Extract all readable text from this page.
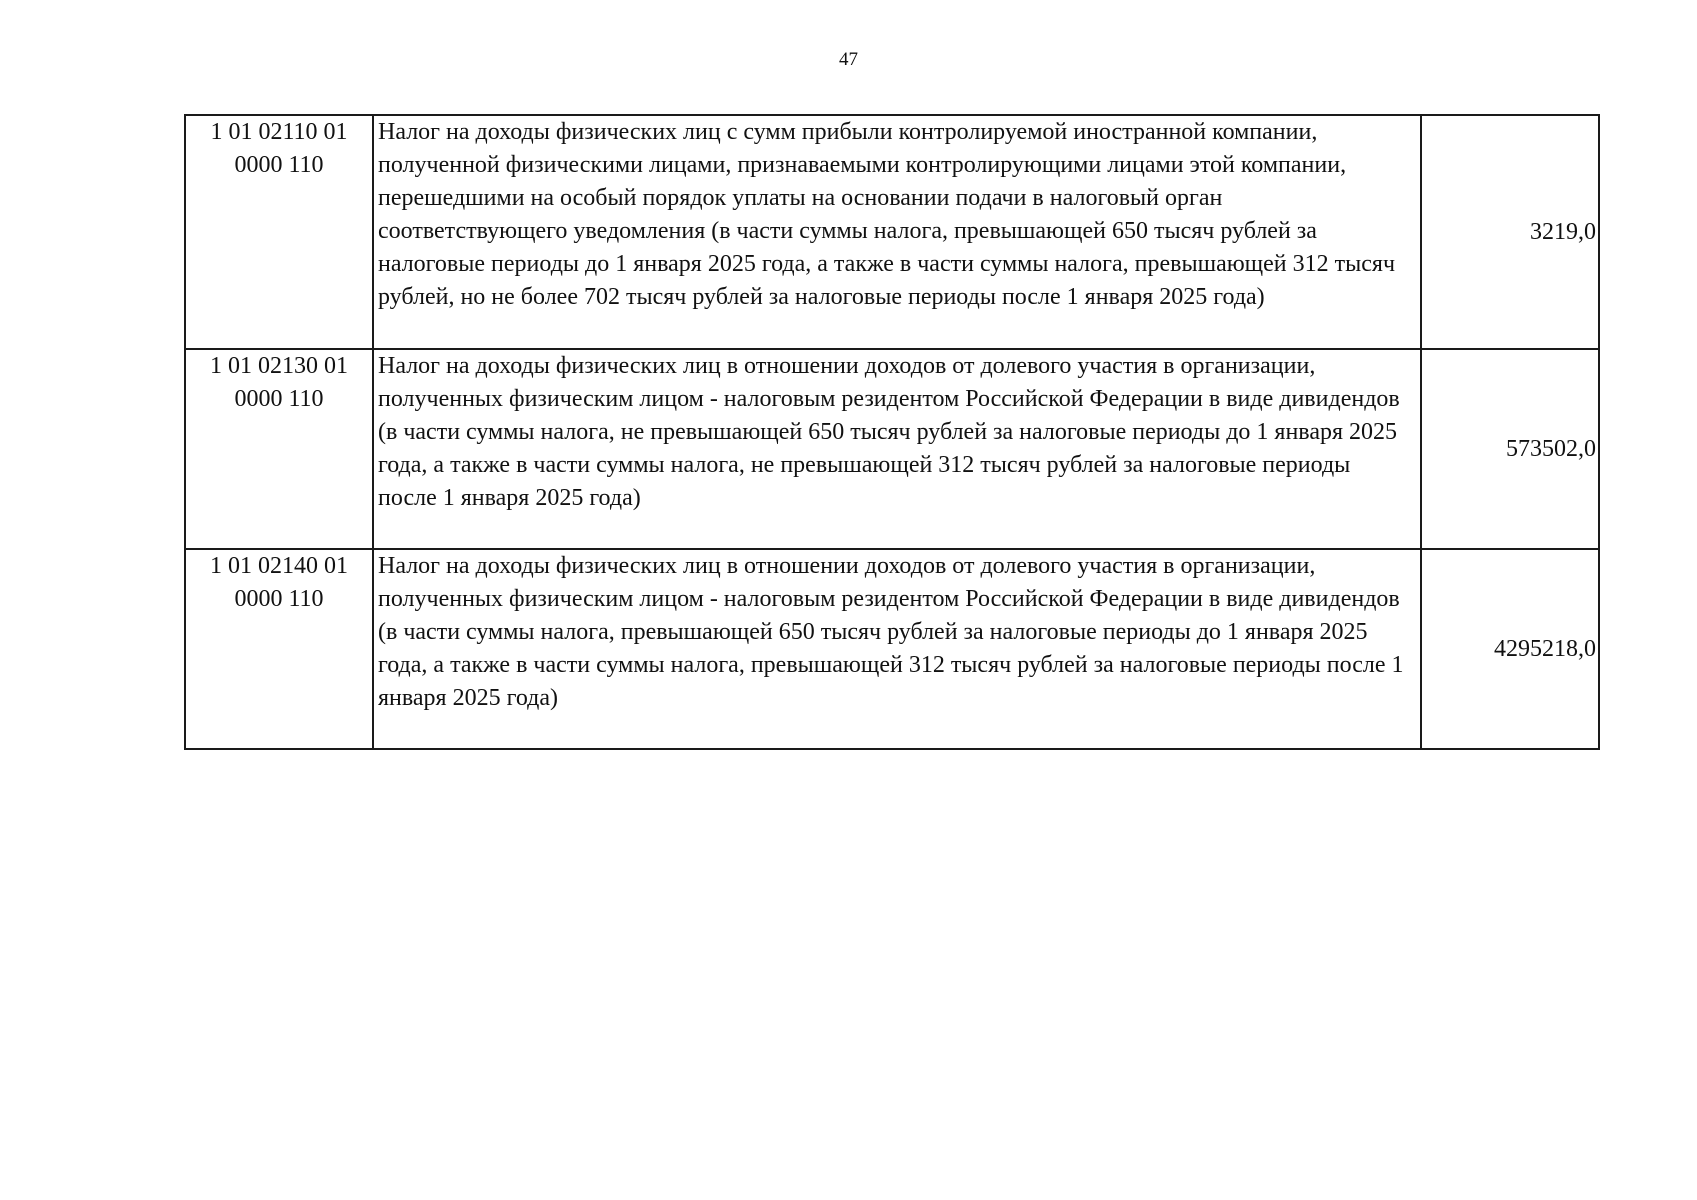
47
1 01 02110 01
0000 110	Налог на доходы физических лиц с сумм прибыли контролируемой иностранной компании, полученной физическими лицами, признаваемыми контролирующими лицами этой компании, перешедшими на особый порядок уплаты на основании подачи в налоговый орган соответствующего уведомления (в части суммы налога, превышающей 650 тысяч рублей за налоговые периоды до 1 января 2025 года, а также в части суммы налога, превышающей 312 тысяч рублей, но не более 702 тысяч рублей за налоговые периоды после 1 января 2025 года)	3219,0

1 01 02130 01
0000 110	Налог на доходы физических лиц в отношении доходов от долевого участия в организации, полученных физическим лицом - налоговым резидентом Российской Федерации в виде дивидендов (в части суммы налога, не превышающей 650 тысяч рублей за налоговые периоды до 1 января 2025 года, а также в части суммы налога, не превышающей 312 тысяч рублей за налоговые периоды после 1 января 2025 года)	573502,0

1 01 02140 01
0000 110	Налог на доходы физических лиц в отношении доходов от долевого участия в организации, полученных физическим лицом - налоговым резидентом Российской Федерации в виде дивидендов (в части суммы налога, превышающей 650 тысяч рублей за налоговые периоды до 1 января 2025 года, а также в части суммы налога, превышающей 312 тысяч рублей за налоговые периоды после 1 января 2025 года)	4295218,0
